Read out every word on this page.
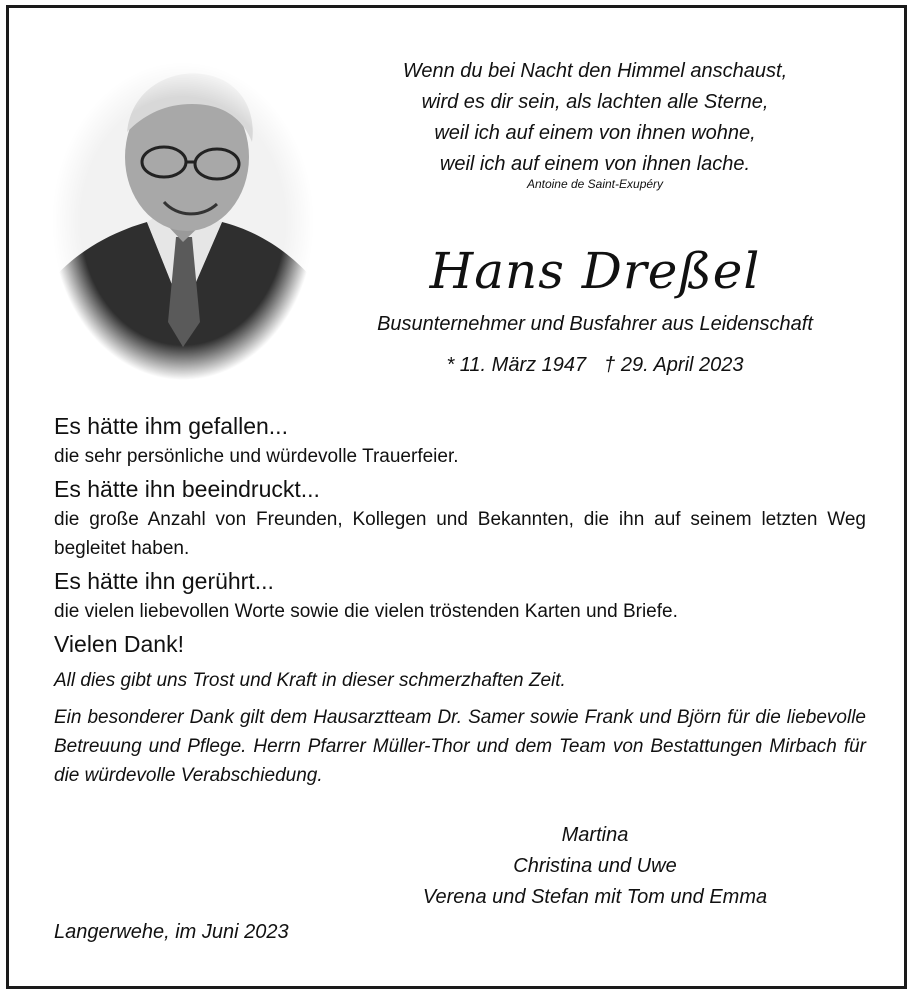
Wenn du bei Nacht den Himmel anschaust,
wird es dir sein, als lachten alle Sterne,
weil ich auf einem von ihnen wohne,
weil ich auf einem von ihnen lache.
Antoine de Saint-Exupéry
Hans Dreßel
Busunternehmer und Busfahrer aus Leidenschaft
* 11. März 1947 † 29. April 2023

Es hätte ihm gefallen...

die sehr persönliche und würdevolle Trauerfeier.

Es hätte ihn beeindruckt...

die große Anzahl von Freunden, Kollegen und Bekannten, die ihn auf seinem letzten Weg begleitet haben.

Es hätte ihn gerührt...

die vielen liebevollen Worte sowie die vielen tröstenden Karten und Briefe.

Vielen Dank!

All dies gibt uns Trost und Kraft in dieser schmerzhaften Zeit.

Ein besonderer Dank gilt dem Hausarztteam Dr. Samer sowie Frank und Björn für die liebevolle Betreuung und Pflege. Herrn Pfarrer Müller-Thor und dem Team von Bestattungen Mirbach für die würdevolle Verabschiedung.

Martina
Christina und Uwe
Verena und Stefan mit Tom und Emma
Langerwehe, im Juni 2023
